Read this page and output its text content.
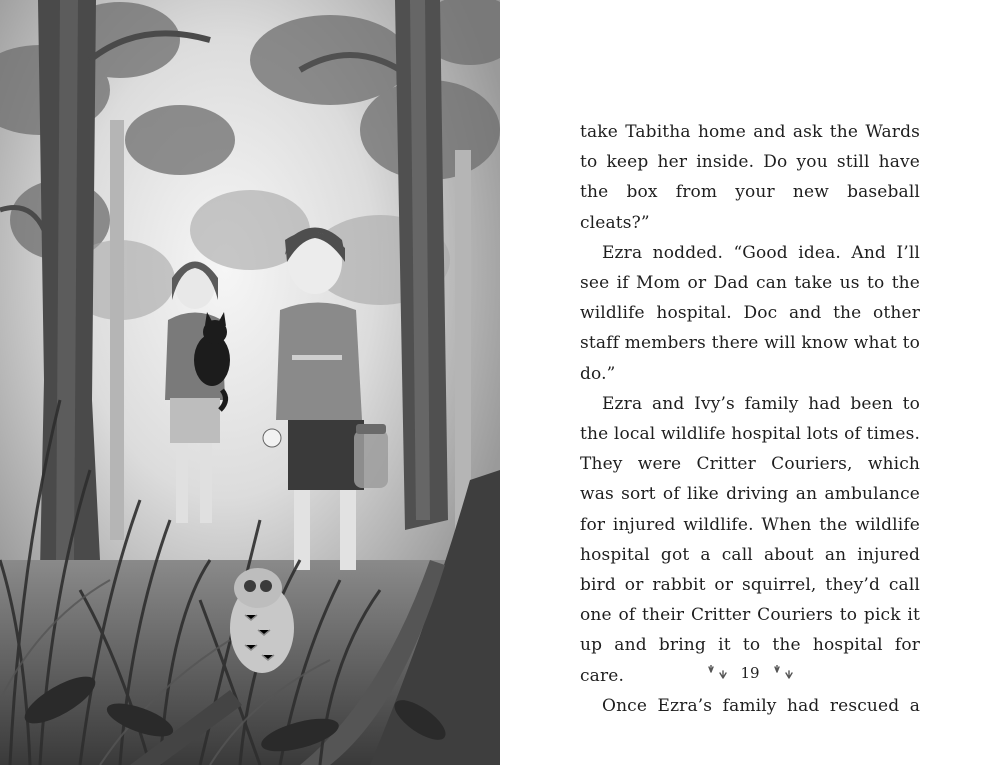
take Tabitha home and ask the Wards to keep her inside. Do you still have the box from your new baseball cleats?”

Ezra nodded. “Good idea. And I’ll see if Mom or Dad can take us to the wildlife hospital. Doc and the other staff members there will know what to do.”

Ezra and Ivy’s family had been to the local wildlife hospital lots of times. They were Critter Couriers, which was sort of like driving an ambulance for injured wildlife. When the wildlife hospital got a call about an injured bird or rabbit or squirrel, they’d call one of their Critter Couriers to pick it up and bring it to the hospital for care.

Once Ezra’s family had rescued a

19
